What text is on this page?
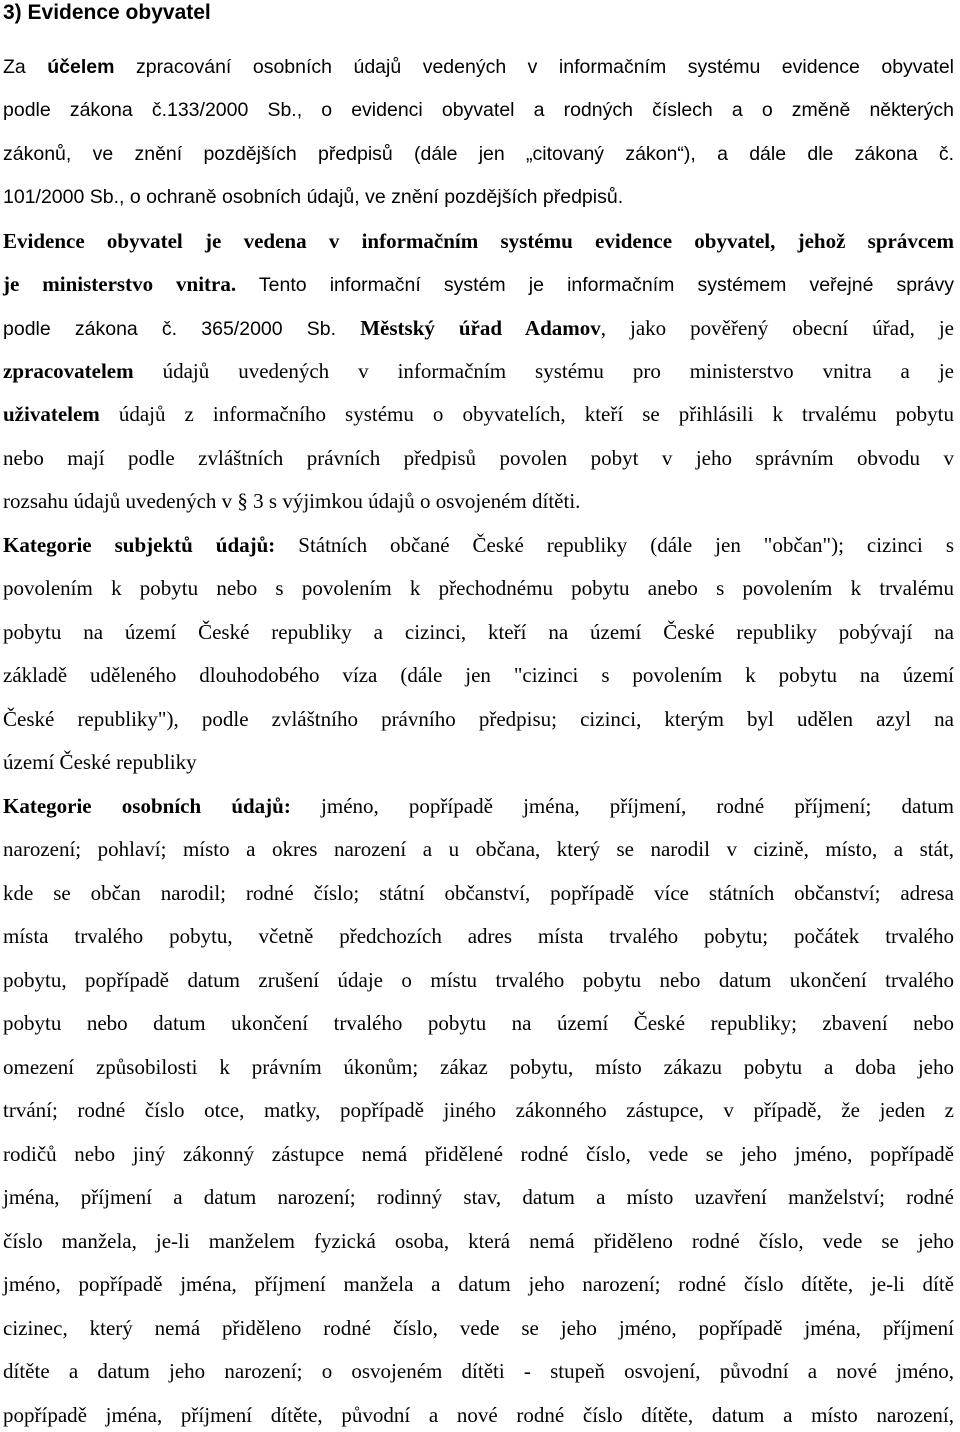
3) Evidence obyvatel
Za účelem zpracování osobních údajů vedených v informačním systému evidence obyvatel
podle zákona č.133/2000 Sb., o evidenci obyvatel a rodných číslech a o změně některých
zákonů, ve znění pozdějších předpisů (dále jen „citovaný zákon“), a dále dle zákona č.
101/2000 Sb., o ochraně osobních údajů, ve znění pozdějších předpisů.
Evidence obyvatel je vedena v informačním systému evidence obyvatel, jehož správcem
je ministerstvo vnitra. Tento informační systém je informačním systémem veřejné správy
podle zákona č. 365/2000 Sb. Městský úřad Adamov, jako pověřený obecní úřad, je
zpracovatelem údajů uvedených v informačním systému pro ministerstvo vnitra a je
uživatelem údajů z informačního systému o obyvatelích, kteří se přihlásili k trvalému pobytu
nebo mají podle zvláštních právních předpisů povolen pobyt v jeho správním obvodu v
rozsahu údajů uvedených v § 3 s výjimkou údajů o osvojeném dítěti.
Kategorie subjektů údajů: Státních občané České republiky (dále jen "občan"); cizinci s
povolením k pobytu nebo s povolením k přechodnému pobytu anebo s povolením k trvalému
pobytu na území České republiky a cizinci, kteří na území České republiky pobývají na
základě uděleného dlouhodobého víza (dále jen "cizinci s povolením k pobytu na území
České republiky"), podle zvláštního právního předpisu; cizinci, kterým byl udělen azyl na
území České republiky
Kategorie osobních údajů: jméno, popřípadě jména, příjmení, rodné příjmení; datum
narození; pohlaví; místo a okres narození a u občana, který se narodil v cizině, místo, a stát,
kde se občan narodil; rodné číslo; státní občanství, popřípadě více státních občanství; adresa
místa trvalého pobytu, včetně předchozích adres místa trvalého pobytu; počátek trvalého
pobytu, popřípadě datum zrušení údaje o místu trvalého pobytu nebo datum ukončení trvalého
pobytu nebo datum ukončení trvalého pobytu na území České republiky; zbavení nebo
omezení způsobilosti k právním úkonům; zákaz pobytu, místo zákazu pobytu a doba jeho
trvání; rodné číslo otce, matky, popřípadě jiného zákonného zástupce, v případě, že jeden z
rodičů nebo jiný zákonný zástupce nemá přidělené rodné číslo, vede se jeho jméno, popřípadě
jména, příjmení a datum narození; rodinný stav, datum a místo uzavření manželství; rodné
číslo manžela, je-li manželem fyzická osoba, která nemá přiděleno rodné číslo, vede se jeho
jméno, popřípadě jména, příjmení manžela a datum jeho narození; rodné číslo dítěte, je-li dítě
cizinec, který nemá přiděleno rodné číslo, vede se jeho jméno, popřípadě jména, příjmení
dítěte a datum jeho narození; o osvojeném dítěti - stupeň osvojení, původní a nové jméno,
popřípadě jména, příjmení dítěte, původní a nové rodné číslo dítěte, datum a místo narození,
